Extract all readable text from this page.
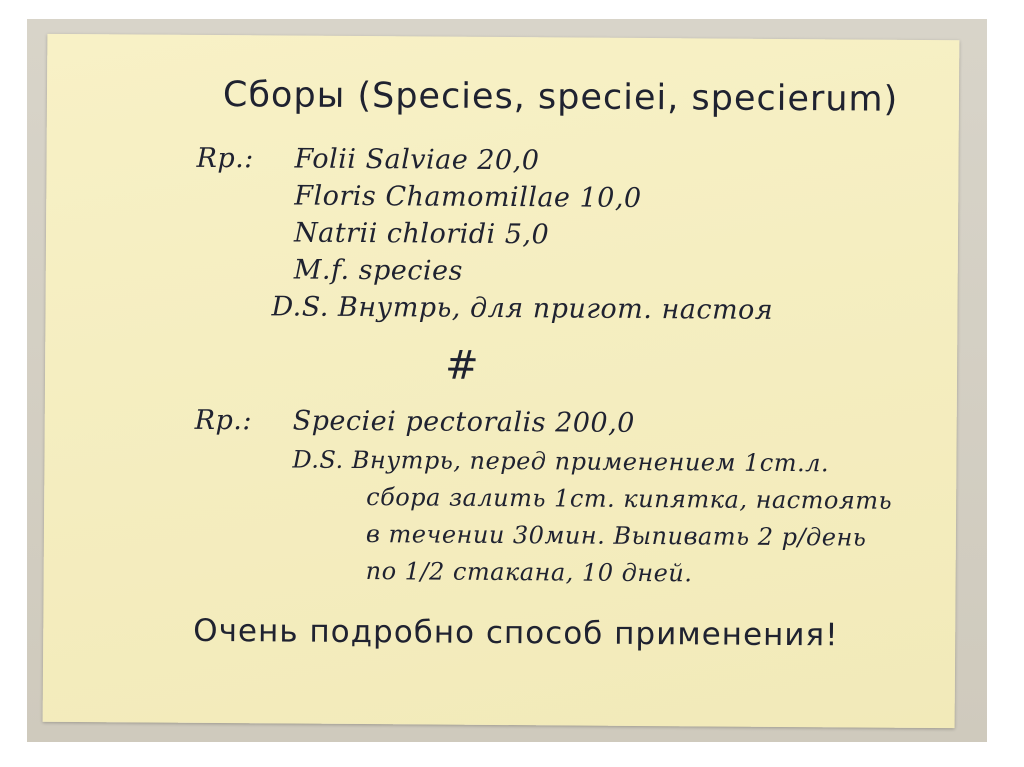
Сборы (Species, speciei, specierum)
Rp.: Folii Salviae 20,0
Floris Chamomillae 10,0
Natrii chloridi 5,0
M.f. species
D.S. Внутрь, для пригот. настоя
#
Rp.: Speciei pectoralis 200,0
D.S. Внутрь, перед применением 1ст.л.
сбора залить 1ст. кипятка, настоять
в течении 30мин. Выпивать 2 р/день
по 1/2 стакана, 10 дней.
Очень подробно способ применения!
